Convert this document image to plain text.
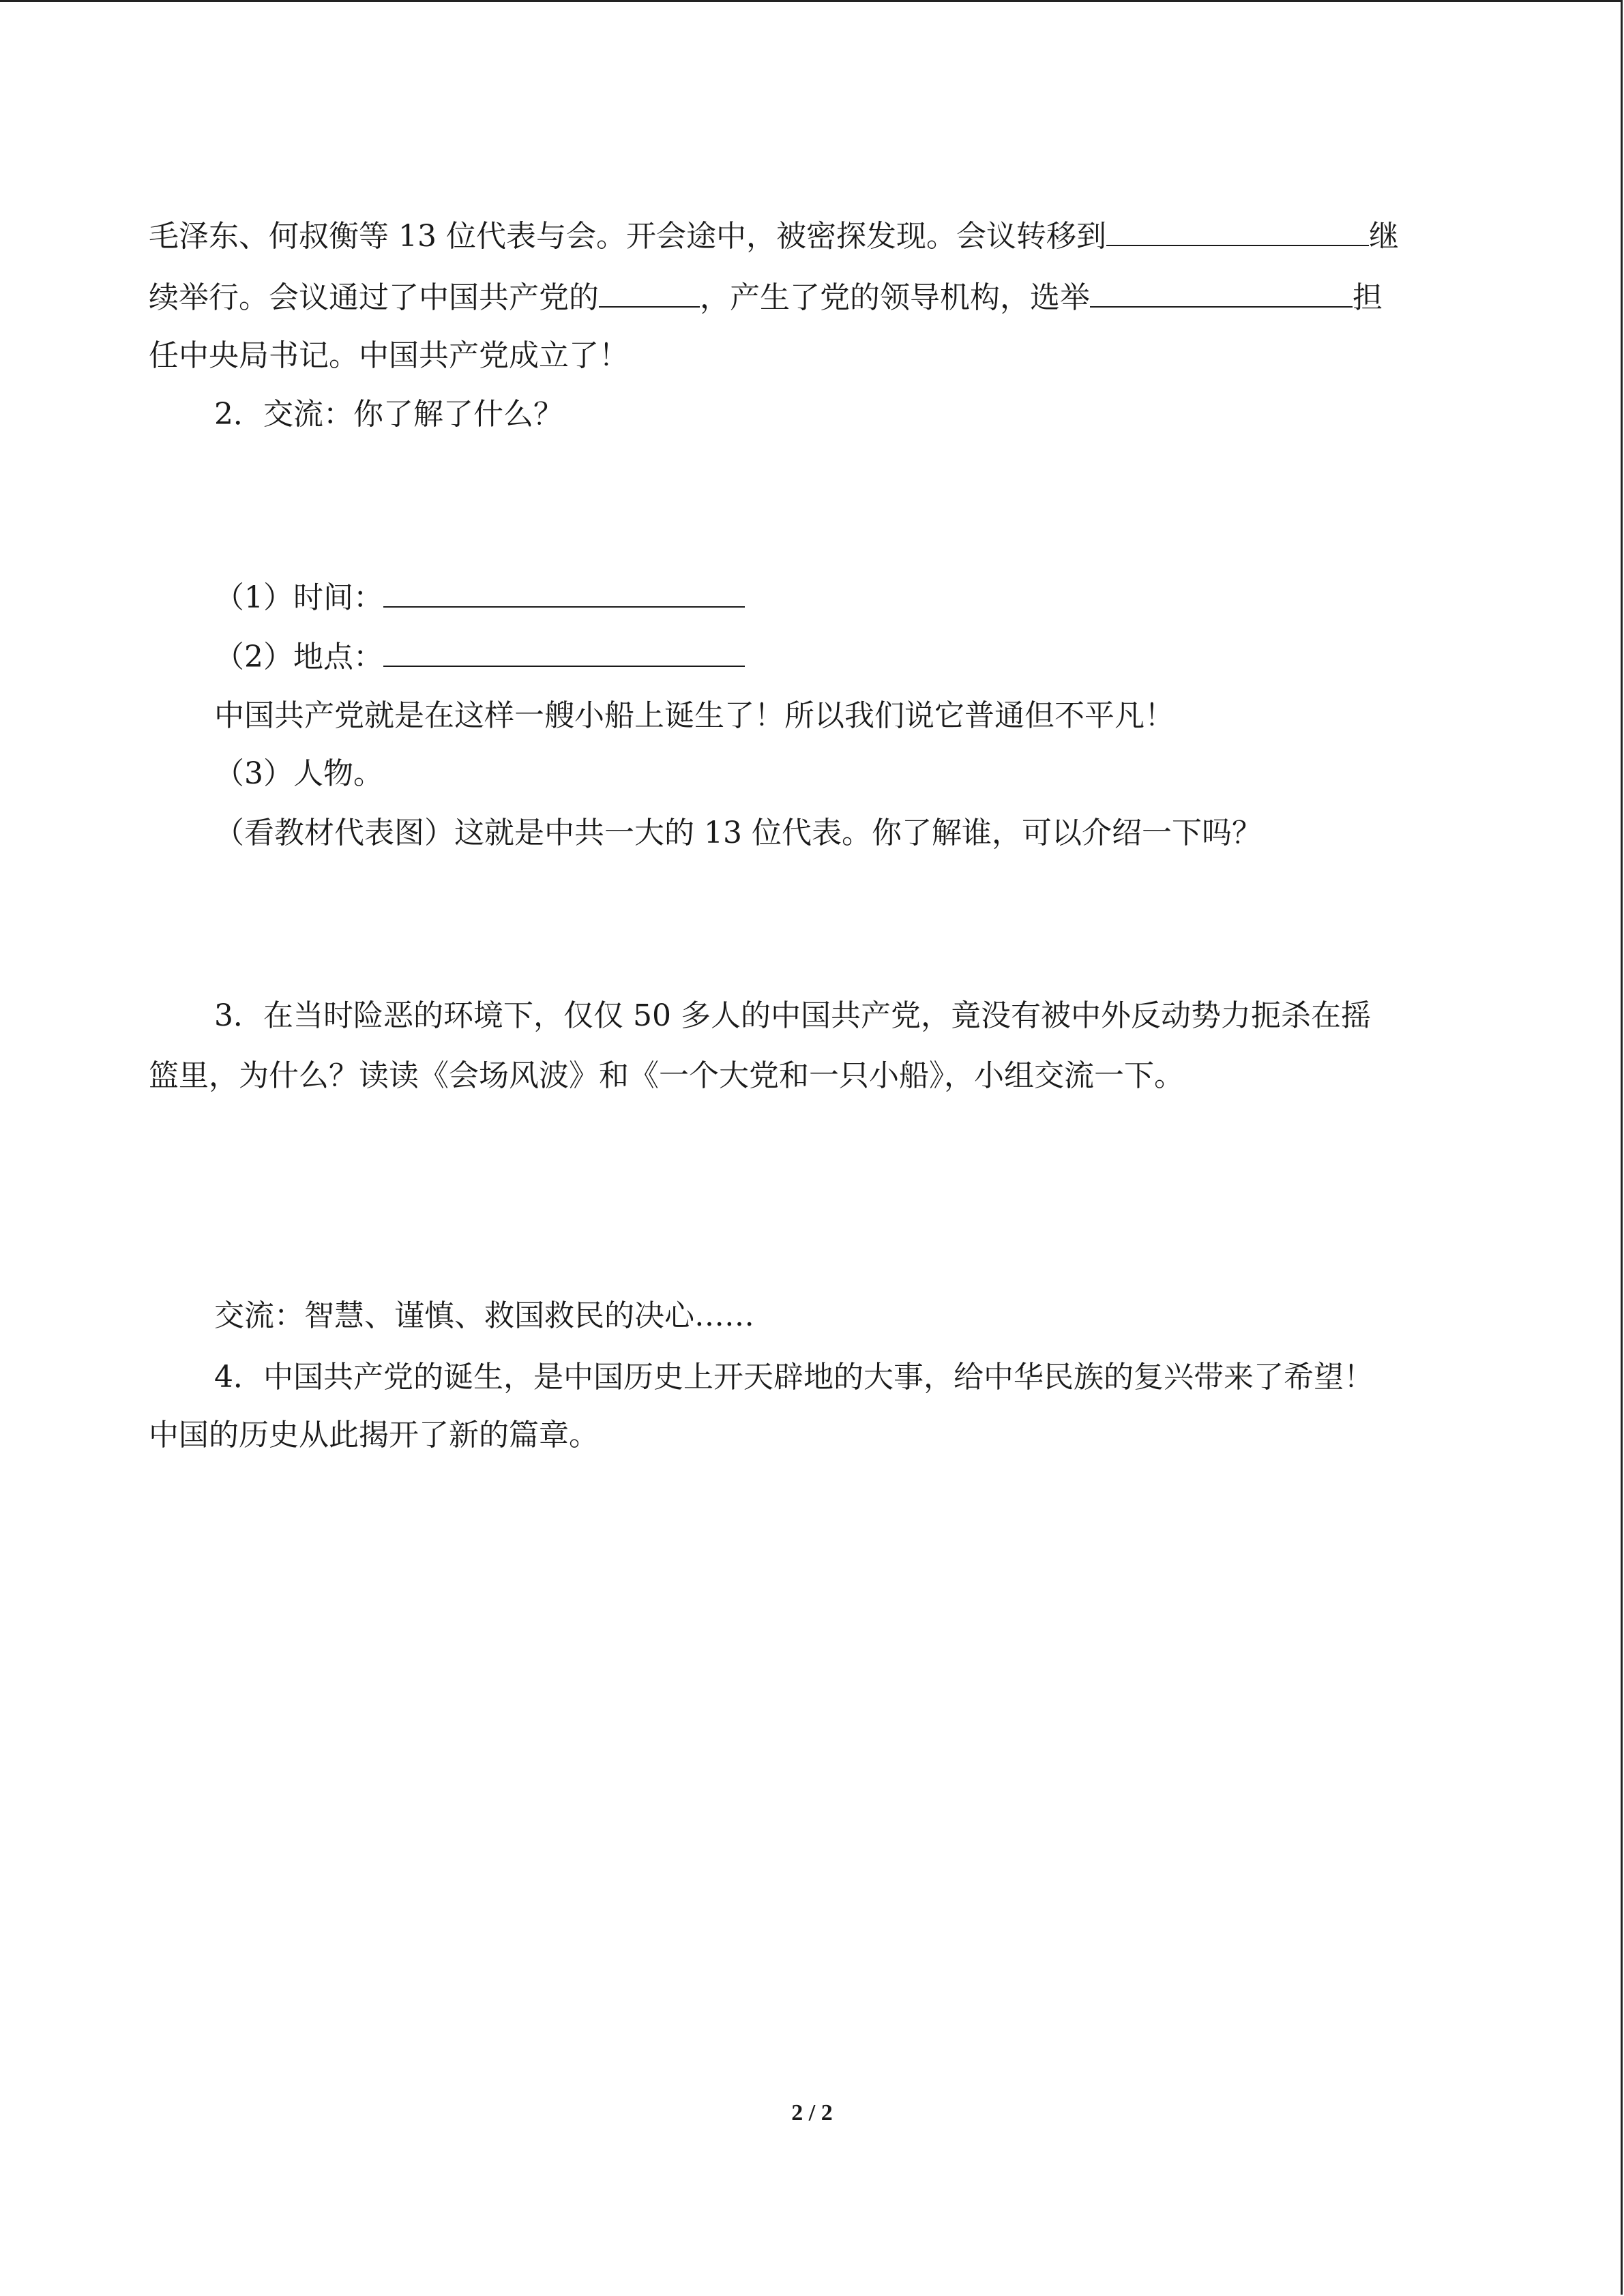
毛泽东、何叔衡等 13 位代表与会。开会途中，被密探发现。会议转移到	继
续举行。会议通过了中国共产党的	，产生了党的领导机构，选举	担
任中央局书记。中国共产党成立了！
2．交流：你了解了什么？
（1）时间：
（2）地点：
中国共产党就是在这样一艘小船上诞生了！所以我们说它普通但不平凡！
（3）人物。
（看教材代表图）这就是中共一大的 13 位代表。你了解谁，可以介绍一下吗？
3．在当时险恶的环境下，仅仅 50 多人的中国共产党，竟没有被中外反动势力扼杀在摇
篮里，为什么？读读《会场风波》和《一个大党和一只小船》，小组交流一下。
交流：智慧、谨慎、救国救民的决心……
4．中国共产党的诞生，是中国历史上开天辟地的大事，给中华民族的复兴带来了希望！
中国的历史从此揭开了新的篇章。
2 / 2
